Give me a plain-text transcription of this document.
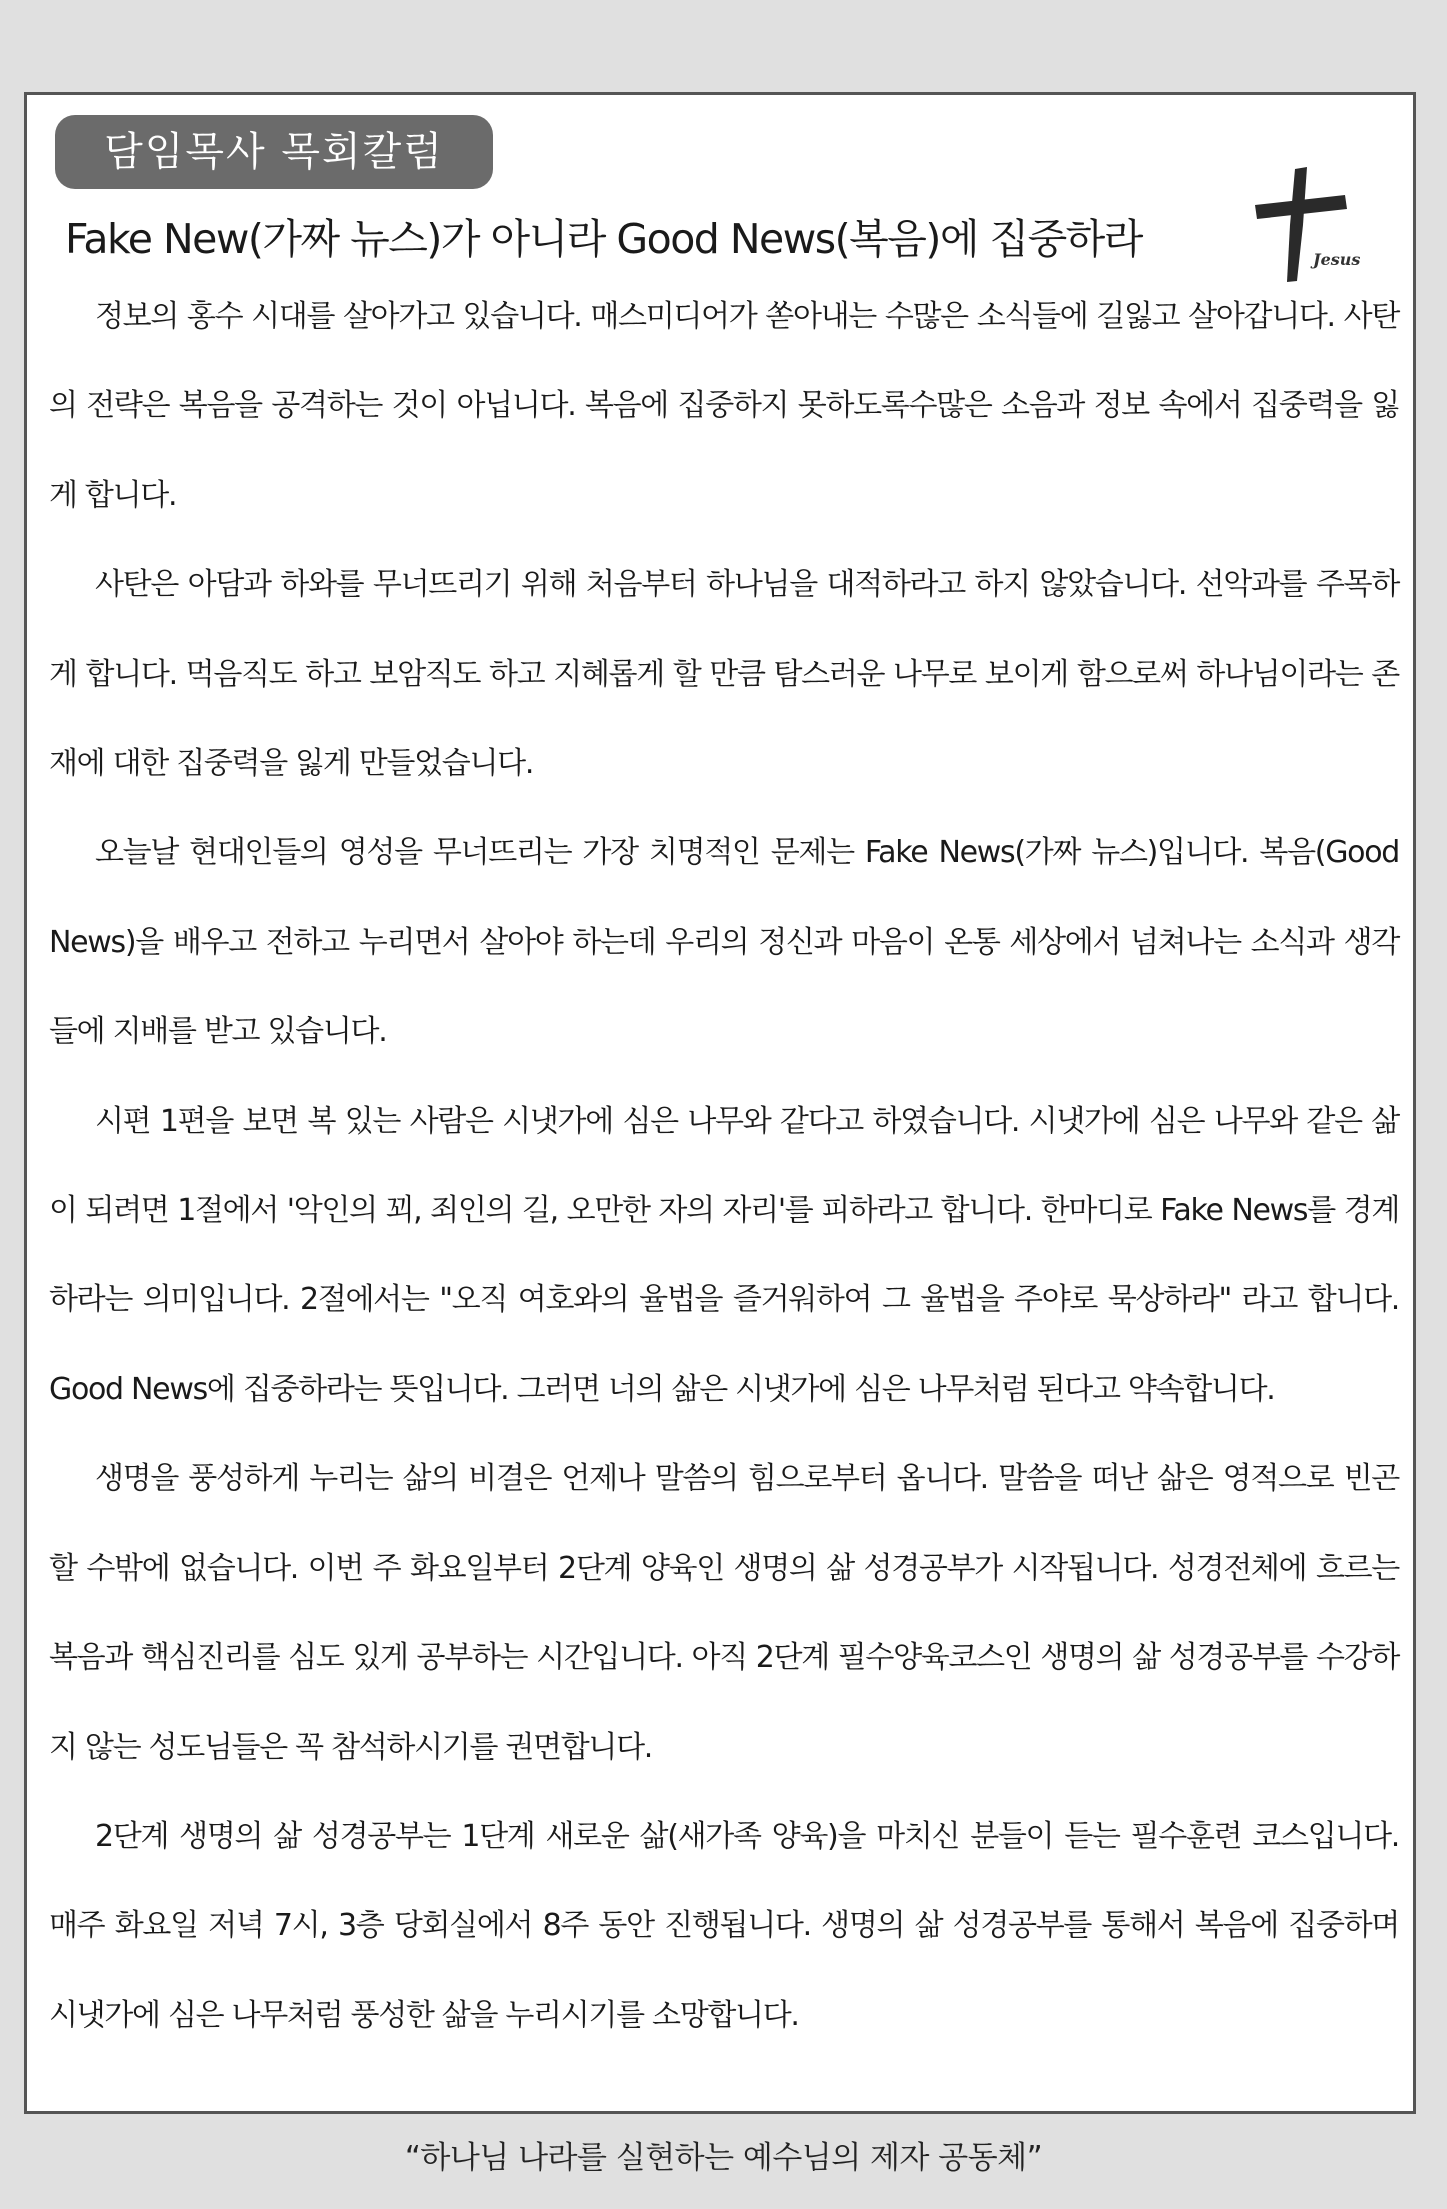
담임목사 목회칼럼
Fake New(가짜 뉴스)가 아니라 Good News(복음)에 집중하라	Jesus

정보의 홍수 시대를 살아가고 있습니다. 매스미디어가 쏟아내는 수많은 소식들에 길잃고 살아갑니다. 사탄의 전략은 복음을 공격하는 것이 아닙니다. 복음에 집중하지 못하도록수많은 소음과 정보 속에서 집중력을 잃게 합니다.

사탄은 아담과 하와를 무너뜨리기 위해 처음부터 하나님을 대적하라고 하지 않았습니다. 선악과를 주목하게 합니다. 먹음직도 하고 보암직도 하고 지혜롭게 할 만큼 탐스러운 나무로 보이게 함으로써 하나님이라는 존재에 대한 집중력을 잃게 만들었습니다.

오늘날 현대인들의 영성을 무너뜨리는 가장 치명적인 문제는 Fake News(가짜 뉴스)입니다. 복음(Good News)을 배우고 전하고 누리면서 살아야 하는데 우리의 정신과 마음이 온통 세상에서 넘쳐나는 소식과 생각들에 지배를 받고 있습니다.

시편 1편을 보면 복 있는 사람은 시냇가에 심은 나무와 같다고 하였습니다. 시냇가에 심은 나무와 같은 삶이 되려면 1절에서 '악인의 꾀, 죄인의 길, 오만한 자의 자리'를 피하라고 합니다. 한마디로 Fake News를 경계하라는 의미입니다. 2절에서는 "오직 여호와의 율법을 즐거워하여 그 율법을 주야로 묵상하라" 라고 합니다. Good News에 집중하라는 뜻입니다. 그러면 너의 삶은 시냇가에 심은 나무처럼 된다고 약속합니다.

생명을 풍성하게 누리는 삶의 비결은 언제나 말씀의 힘으로부터 옵니다. 말씀을 떠난 삶은 영적으로 빈곤할 수밖에 없습니다. 이번 주 화요일부터 2단계 양육인 생명의 삶 성경공부가 시작됩니다. 성경전체에 흐르는 복음과 핵심진리를 심도 있게 공부하는 시간입니다. 아직 2단계 필수양육코스인 생명의 삶 성경공부를 수강하지 않는 성도님들은 꼭 참석하시기를 권면합니다.

2단계 생명의 삶 성경공부는 1단계 새로운 삶(새가족 양육)을 마치신 분들이 듣는 필수훈련 코스입니다. 매주 화요일 저녁 7시, 3층 당회실에서 8주 동안 진행됩니다. 생명의 삶 성경공부를 통해서 복음에 집중하며 시냇가에 심은 나무처럼 풍성한 삶을 누리시기를 소망합니다.

“하나님 나라를 실현하는 예수님의 제자 공동체”
